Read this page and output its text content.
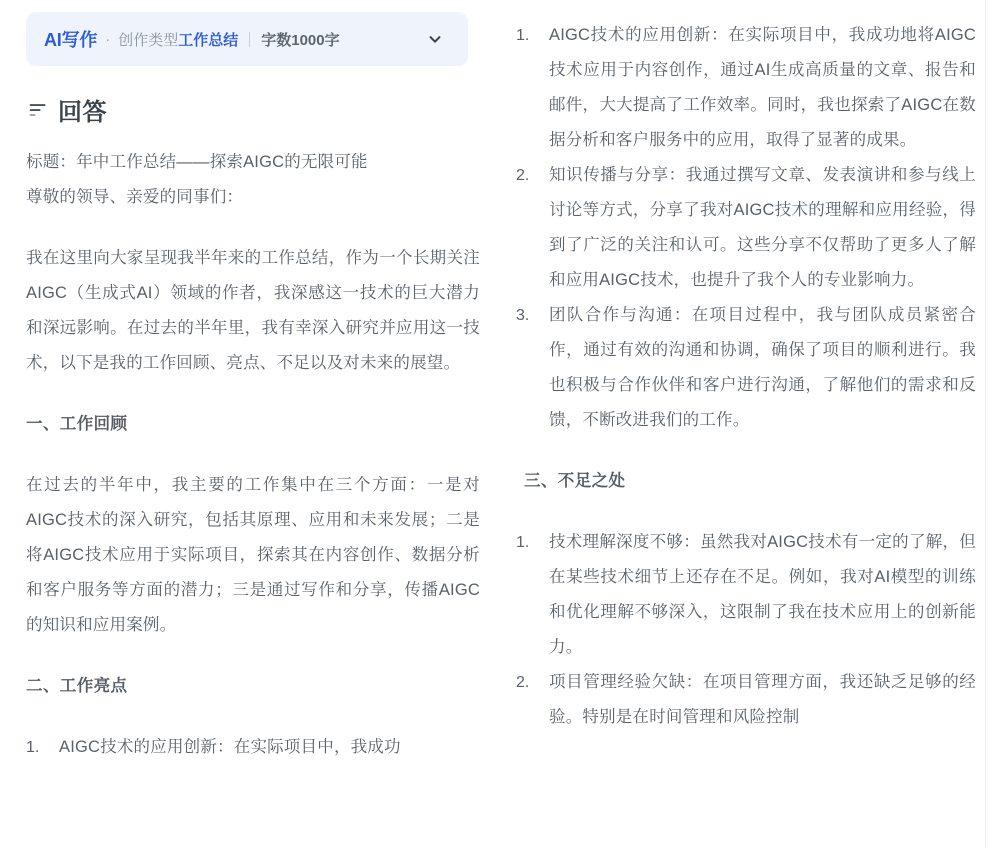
AI写作 · 创作类型 工作总结 字数1000字
回答

标题：年中工作总结——探索AIGC的无限可能

尊敬的领导、亲爱的同事们：

我在这里向大家呈现我半年来的工作总结，作为一个长期关注AIGC（生成式AI）领域的作者，我深感这一技术的巨大潜力和深远影响。在过去的半年里，我有幸深入研究并应用这一技术，以下是我的工作回顾、亮点、不足以及对未来的展望。

一、工作回顾

在过去的半年中，我主要的工作集中在三个方面：一是对AIGC技术的深入研究，包括其原理、应用和未来发展；二是将AIGC技术应用于实际项目，探索其在内容创作、数据分析和客户服务等方面的潜力；三是通过写作和分享，传播AIGC的知识和应用案例。

二、工作亮点

1.	AIGC技术的应用创新：在实际项目中，我成功
1.	AIGC技术的应用创新：在实际项目中，我成功地将AIGC技术应用于内容创作，通过AI生成高质量的文章、报告和邮件，大大提高了工作效率。同时，我也探索了AIGC在数据分析和客户服务中的应用，取得了显著的成果。
2.	知识传播与分享：我通过撰写文章、发表演讲和参与线上讨论等方式，分享了我对AIGC技术的理解和应用经验，得到了广泛的关注和认可。这些分享不仅帮助了更多人了解和应用AIGC技术，也提升了我个人的专业影响力。
3.	团队合作与沟通：在项目过程中，我与团队成员紧密合作，通过有效的沟通和协调，确保了项目的顺利进行。我也积极与合作伙伴和客户进行沟通，了解他们的需求和反馈，不断改进我们的工作。

三、不足之处

1.	技术理解深度不够：虽然我对AIGC技术有一定的了解，但在某些技术细节上还存在不足。例如，我对AI模型的训练和优化理解不够深入，这限制了我在技术应用上的创新能力。
2.	项目管理经验欠缺：在项目管理方面，我还缺乏足够的经验。特别是在时间管理和风险控制
